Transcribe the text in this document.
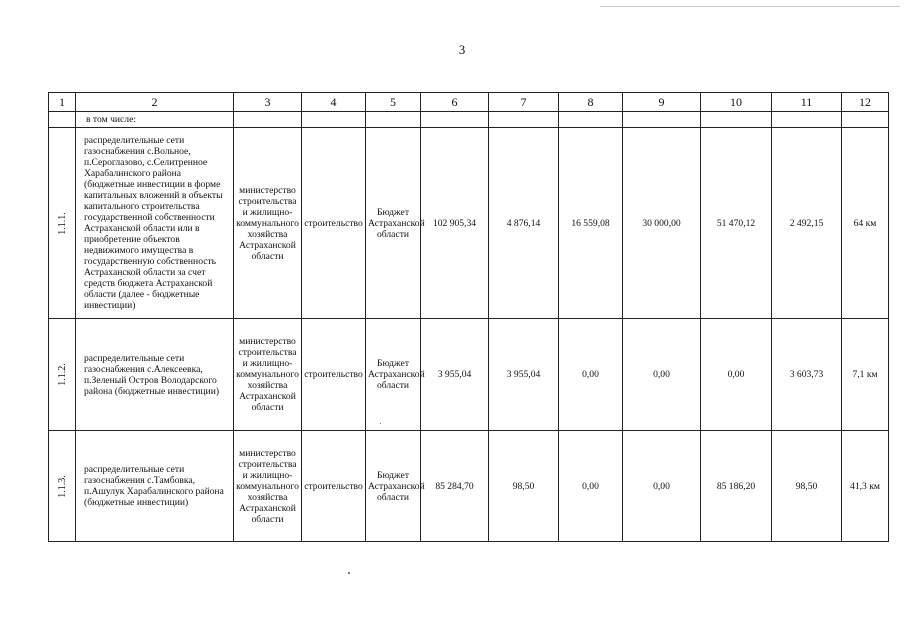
3
1	2	3	4	5	6	7	8	9	10	11	12
	в том числе:										
1.1.1.	распределительные сети газоснабжения с.Вольное, п.Сероглазово, с.Селитренное Харабалинского района (бюджетные инвестиции в форме капитальных вложений в объекты капитального строительства государственной собственности Астраханской области или в приобретение объектов недвижимого имущества в государственную собственность Астраханской области за счет средств бюджета Астраханской области (далее - бюджетные инвестиции)	министерство строительства и жилищно-коммунального хозяйства Астраханской области	строительство	Бюджет Астраханской области	102 905,34	4 876,14	16 559,08	30 000,00	51 470,12	2 492,15	64 км
1.1.2.	распределительные сети газоснабжения с.Алексеевка, п.Зеленый Остров Володарского района (бюджетные инвестиции)	министерство строительства и жилищно-коммунального хозяйства Астраханской области	строительство	Бюджет Астраханской области	3 955,04	3 955,04	0,00	0,00	0,00	3 603,73	7,1 км
1.1.3.	распределительные сети газоснабжения с.Тамбовка, п.Ашулук Харабалинского района (бюджетные инвестиции)	министерство строительства и жилищно-коммунального хозяйства Астраханской области	строительство	Бюджет Астраханской области	85 284,70	98,50	0,00	0,00	85 186,20	98,50	41,3 км
